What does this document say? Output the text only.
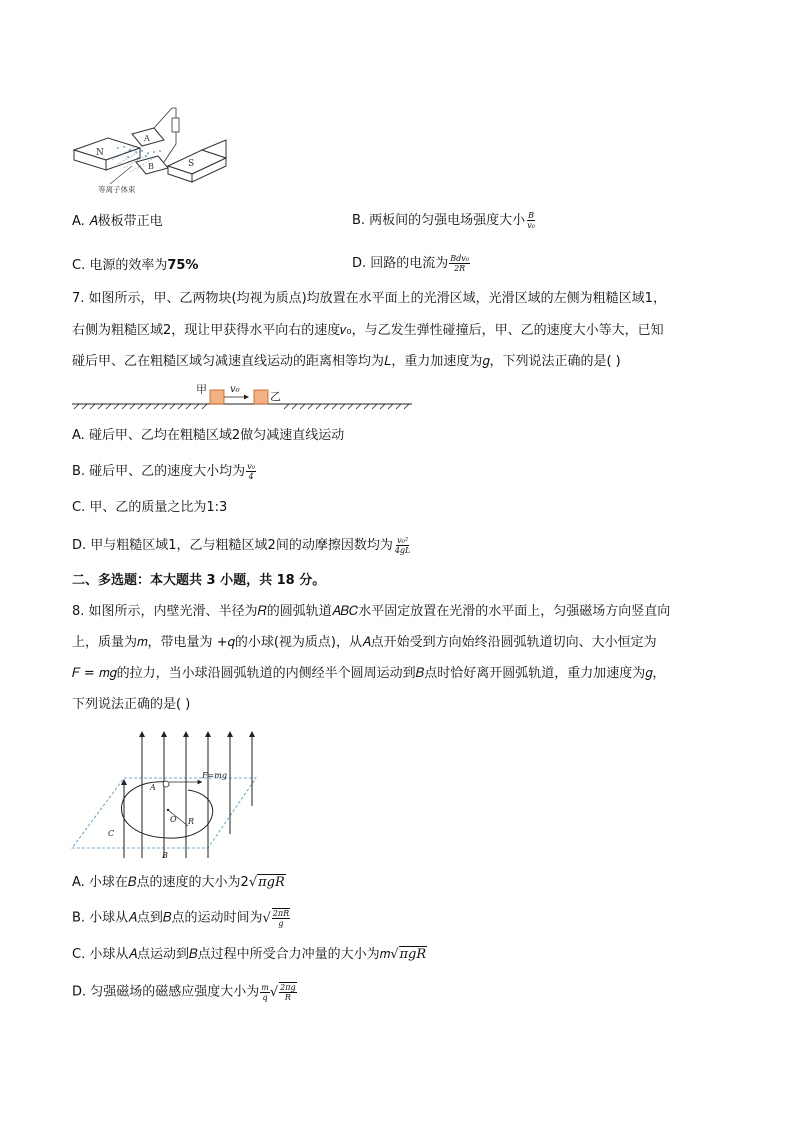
N
A
B	S
等离子体束
A. 𝐴极板带正电	B. 两板间的匀强电场强度大小 $\frac{B}{\text{v₀}}$
C. 电源的效率为75%	D. 回路的电流为 $\frac{\text{Bdv₀}}{2R}$
7. 如图所示，甲、乙两物块(均视为质点)均放置在水平面上的光滑区域，光滑区域的左侧为粗糙区域1，
右侧为粗糙区域2，现让甲获得水平向右的速度𝑣₀，与乙发生弹性碰撞后，甲、乙的速度大小等大，已知
碰后甲、乙在粗糙区域匀减速直线运动的距离相等均为𝐿，重力加速度为𝑔，下列说法正确的是( )
甲 v₀
乙
A. 碰后甲、乙均在粗糙区域2做匀减速直线运动
B. 碰后甲、乙的速度大小均为 $\frac{\text{v₀}}{4}$
C. 甲、乙的质量之比为1:3
D. 甲与粗糙区域1，乙与粗糙区域2间的动摩擦因数均为 $\frac{\text{v₀²}}{4gL}$
二、多选题：本大题共 3 小题，共 18 分。
8. 如图所示，内壁光滑、半径为𝑅的圆弧轨道𝐴𝐵𝐶水平固定放置在光滑的水平面上，匀强磁场方向竖直向
上，质量为𝑚，带电量为 +𝑞的小球(视为质点)，从𝐴点开始受到方向始终沿圆弧轨道切向、大小恒定为
𝐹 = 𝑚𝑔的拉力，当小球沿圆弧轨道的内侧经半个圆周运动到𝐵点时恰好离开圆弧轨道，重力加速度为𝑔，
下列说法正确的是( )
F=mg
A
O R
C
B
A. 小球在𝐵点的速度的大小为2√πgR
B. 小球从𝐴点到𝐵点的运动时间为√ $\frac{2\pi R}{g}$
C. 小球从𝐴点运动到𝐵点过程中所受合力冲量的大小为𝑚√πgR
D. 匀强磁场的磁感应强度大小为 $\frac{m}{q}$ √ $\frac{2\pi g}{R}$
